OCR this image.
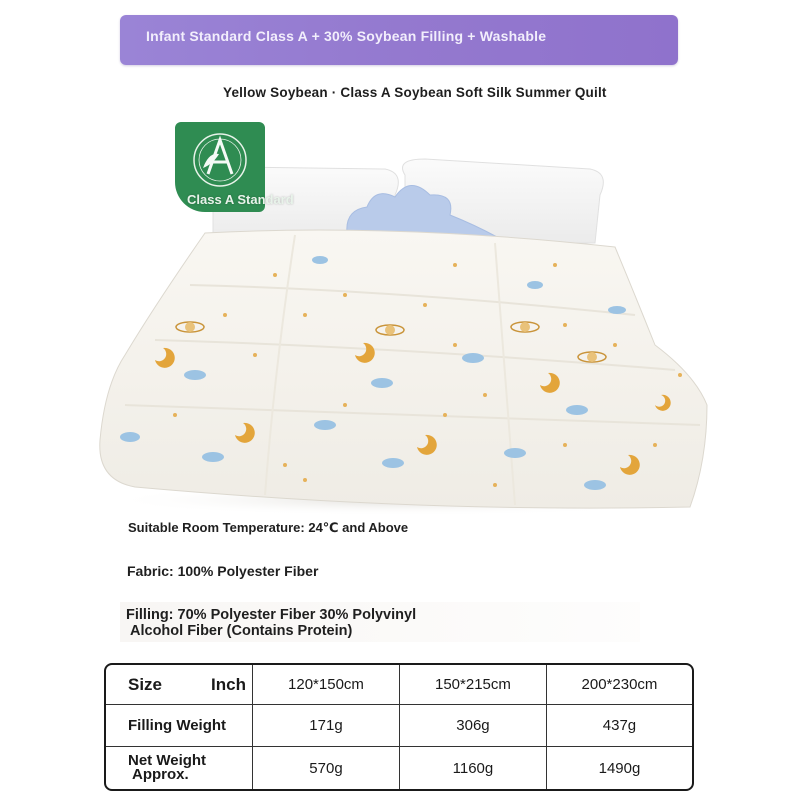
Infant Standard Class A + 30% Soybean Filling + Washable
Yellow Soybean · Class A Soybean Soft Silk Summer Quilt
Class A Standard
Suitable Room Temperature: 24℃ and Above
Fabric: 100% Polyester Fiber
Filling: 70% Polyester Fiber 30% Polyvinyl
Alcohol Fiber (Contains Protein)
Size Inch	120*150cm	150*215cm	200*230cm
Filling Weight	171g	306g	437g

Net Weight
Approx.	570g	1160g	1490g
